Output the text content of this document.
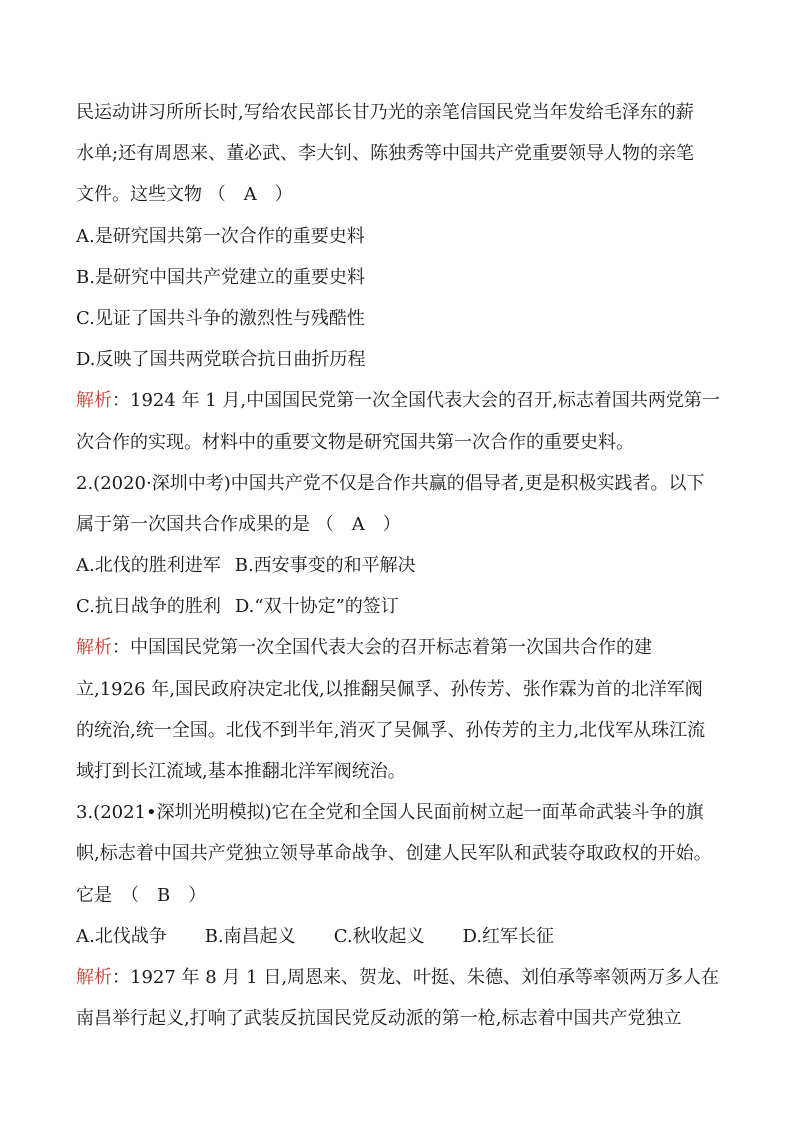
民运动讲习所所长时,写给农民部长甘乃光的亲笔信国民党当年发给毛泽东的薪
水单;还有周恩来、董必武、李大钊、陈独秀等中国共产党重要领导人物的亲笔
文件。这些文物 （　A　）
A.是研究国共第一次合作的重要史料
B.是研究中国共产党建立的重要史料
C.见证了国共斗争的激烈性与残酷性
D.反映了国共两党联合抗日曲折历程
解析：1924 年 1 月,中国国民党第一次全国代表大会的召开,标志着国共两党第一
次合作的实现。材料中的重要文物是研究国共第一次合作的重要史料。
2.(2020·深圳中考)中国共产党不仅是合作共赢的倡导者,更是积极实践者。以下
属于第一次国共合作成果的是 （　A　）
A.北伐的胜利进军 B.西安事变的和平解决
C.抗日战争的胜利 D.“双十协定”的签订
解析：中国国民党第一次全国代表大会的召开标志着第一次国共合作的建
立,1926 年,国民政府决定北伐,以推翻吴佩孚、孙传芳、张作霖为首的北洋军阀
的统治,统一全国。北伐不到半年,消灭了吴佩孚、孙传芳的主力,北伐军从珠江流
域打到长江流域,基本推翻北洋军阀统治。
3.(2021•深圳光明模拟)它在全党和全国人民面前树立起一面革命武装斗争的旗
帜,标志着中国共产党独立领导革命战争、创建人民军队和武装夺取政权的开始。
它是　（　B　）
A.北伐战争 B.南昌起义 C.秋收起义 D.红军长征
解析：1927 年 8 月 1 日,周恩来、贺龙、叶挺、朱德、刘伯承等率领两万多人在
南昌举行起义,打响了武装反抗国民党反动派的第一枪,标志着中国共产党独立
